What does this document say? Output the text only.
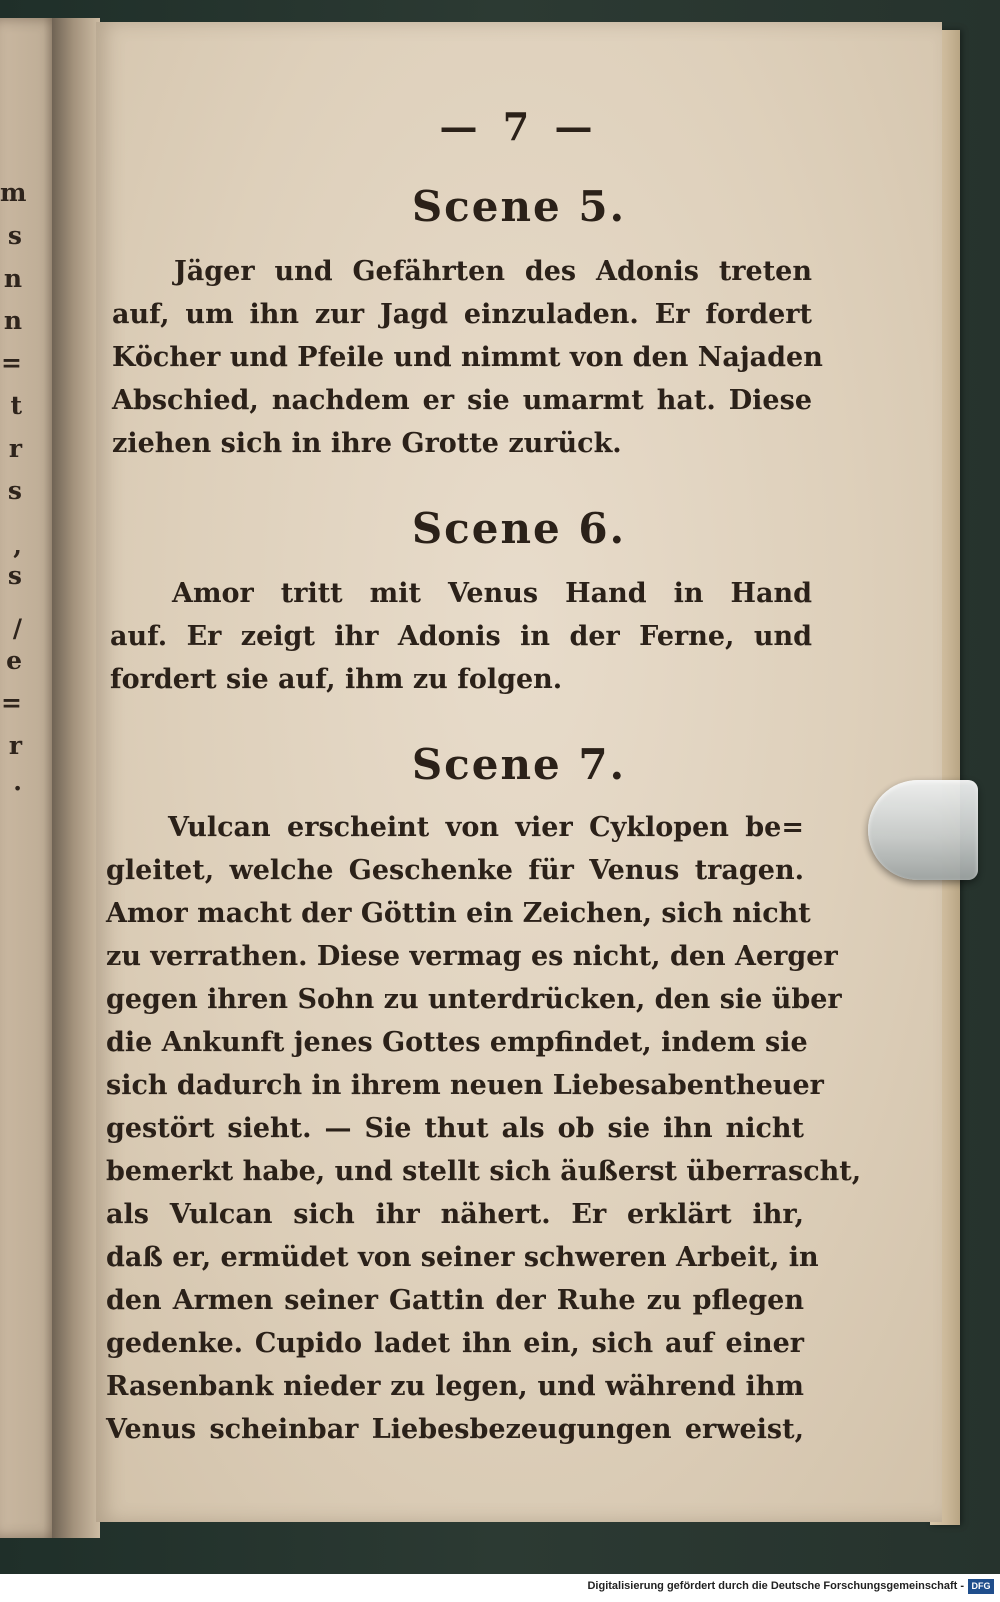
m
s
n
n
=
t
r
s
,
s
/
e
=
r
·
— 7 —
Scene 5.
Jäger und Gefährten des Adonis treten
auf, um ihn zur Jagd einzuladen. Er fordert
Köcher und Pfeile und nimmt von den Najaden
Abschied, nachdem er sie umarmt hat. Diese
ziehen sich in ihre Grotte zurück.
Scene 6.
Amor tritt mit Venus Hand in Hand
auf. Er zeigt ihr Adonis in der Ferne, und
fordert sie auf, ihm zu folgen.
Scene 7.
Vulcan erscheint von vier Cyklopen be=
gleitet, welche Geschenke für Venus tragen.
Amor macht der Göttin ein Zeichen, sich nicht
zu verrathen. Diese vermag es nicht, den Aerger
gegen ihren Sohn zu unterdrücken, den sie über
die Ankunft jenes Gottes empfindet, indem sie
sich dadurch in ihrem neuen Liebesabentheuer
gestört sieht. — Sie thut als ob sie ihn nicht
bemerkt habe, und stellt sich äußerst überrascht,
als Vulcan sich ihr nähert. Er erklärt ihr,
daß er, ermüdet von seiner schweren Arbeit, in
den Armen seiner Gattin der Ruhe zu pflegen
gedenke. Cupido ladet ihn ein, sich auf einer
Rasenbank nieder zu legen, und während ihm
Venus scheinbar Liebesbezeugungen erweist,
Digitalisierung gefördert durch die Deutsche Forschungsgemeinschaft - DFG
